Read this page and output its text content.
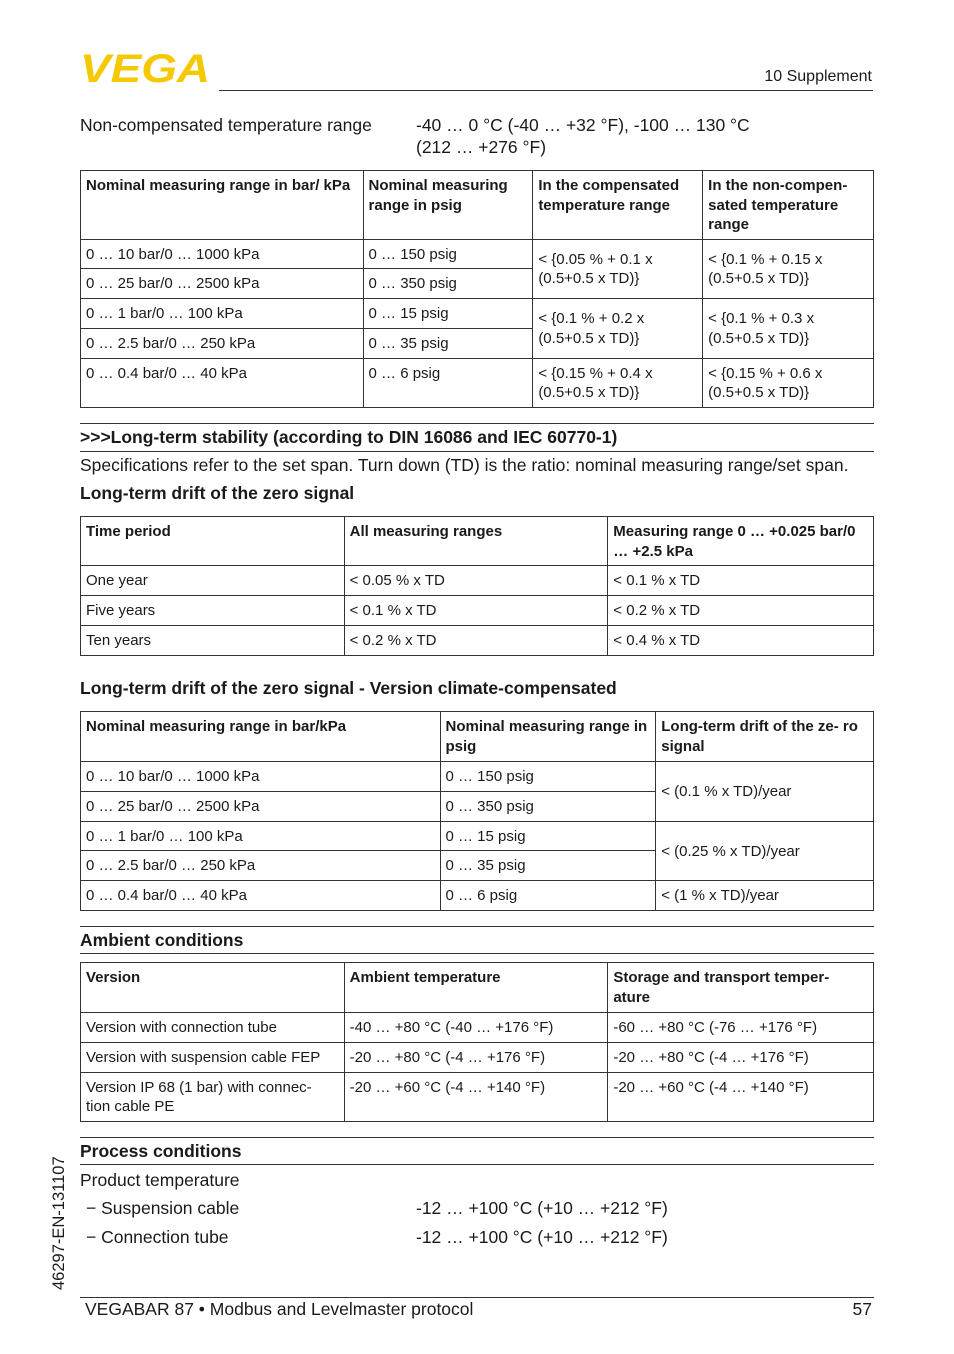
VEGA	10 Supplement
Non-compensated temperature range	-40 … 0 °C (-40 … +32 °F), -100 … 130 °C
(212 … +276 °F)
Nominal measuring range in bar/ kPa	Nominal measuring range in psig	In the compensated temperature range	In the non-compen- sated temperature range
0 … 10 bar/0 … 1000 kPa	0 … 150 psig	< {0.05 % + 0.1 x (0.5+0.5 x TD)}	< {0.1 % + 0.15 x (0.5+0.5 x TD)}
0 … 25 bar/0 … 2500 kPa	0 … 350 psig		
0 … 1 bar/0 … 100 kPa	0 … 15 psig	< {0.1 % + 0.2 x (0.5+0.5 x TD)}	< {0.1 % + 0.3 x (0.5+0.5 x TD)}
0 … 2.5 bar/0 … 250 kPa	0 … 35 psig		
0 … 0.4 bar/0 … 40 kPa	0 … 6 psig	< {0.15 % + 0.4 x (0.5+0.5 x TD)}	< {0.15 % + 0.6 x (0.5+0.5 x TD)}
>>>Long-term stability (according to DIN 16086 and IEC 60770-1)
Specifications refer to the set span. Turn down (TD) is the ratio: nominal measuring range/set span.
Long-term drift of the zero signal
Time period	All measuring ranges	Measuring range 0 … +0.025 bar/0 … +2.5 kPa
One year	< 0.05 % x TD	< 0.1 % x TD
Five years	< 0.1 % x TD	< 0.2 % x TD
Ten years	< 0.2 % x TD	< 0.4 % x TD
Long-term drift of the zero signal - Version climate-compensated
Nominal measuring range in bar/kPa	Nominal measuring range in psig	Long-term drift of the ze- ro signal
0 … 10 bar/0 … 1000 kPa	0 … 150 psig	< (0.1 % x TD)/year
0 … 25 bar/0 … 2500 kPa	0 … 350 psig	
0 … 1 bar/0 … 100 kPa	0 … 15 psig	< (0.25 % x TD)/year
0 … 2.5 bar/0 … 250 kPa	0 … 35 psig	
0 … 0.4 bar/0 … 40 kPa	0 … 6 psig	< (1 % x TD)/year
Ambient conditions
Version	Ambient temperature	Storage and transport temper- ature
Version with connection tube	-40 … +80 °C (-40 … +176 °F)	-60 … +80 °C (-76 … +176 °F)
Version with suspension cable FEP	-20 … +80 °C (-4 … +176 °F)	-20 … +80 °C (-4 … +176 °F)
Version IP 68 (1 bar) with connec- tion cable PE	-20 … +60 °C (-4 … +140 °F)	-20 … +60 °C (-4 … +140 °F)
Process conditions
Product temperature
− Suspension cable	-12 … +100 °C (+10 … +212 °F)
− Connection tube	-12 … +100 °C (+10 … +212 °F)
46297-EN-131107
VEGABAR 87 • Modbus and Levelmaster protocol	57
